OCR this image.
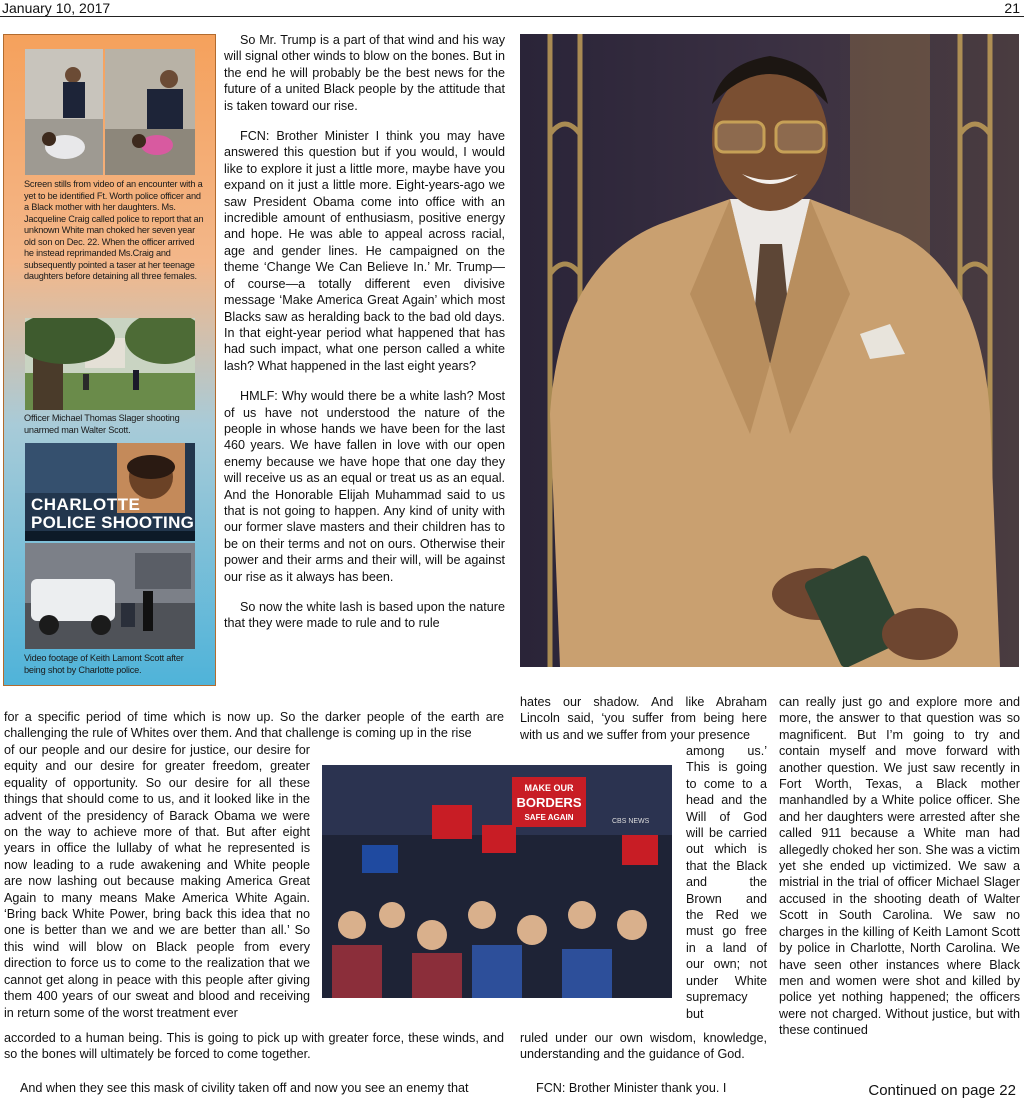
January 10, 2017	21
Screen stills from video of an encounter with a yet to be identified Ft. Worth police officer and a Black mother with her daughters. Ms. Jacqueline Craig called police to report that an unknown White man choked her seven year old son on Dec. 22. When the officer arrived he instead reprimanded Ms.Craig and subsequently pointed a taser at her teenage daughters before detaining all three females.
Officer Michael Thomas Slager shooting unarmed man Walter Scott.
CHARLOTTE
POLICE SHOOTING
Video footage of Keith Lamont Scott after being shot by Charlotte police.

So Mr. Trump is a part of that wind and his way will signal other winds to blow on the bones. But in the end he will probably be the best news for the future of a united Black people by the attitude that is taken toward our rise.

FCN: Brother Minister I think you may have answered this question but if you would, I would like to explore it just a little more, maybe have you expand on it just a little more. Eight-years-ago we saw President Obama come into office with an incredible amount of enthusiasm, positive energy and hope. He was able to appeal across racial, age and gender lines. He campaigned on the theme ‘Change We Can Believe In.’ Mr. Trump—of course—a totally different even divisive message ‘Make America Great Again’ which most Blacks saw as heralding back to the bad old days. In that eight-year period what happened that has had such impact, what one person called a white lash? What happened in the last eight years?

HMLF: Why would there be a white lash? Most of us have not understood the nature of the people in whose hands we have been for the last 460 years. We have fallen in love with our open enemy because we have hope that one day they will receive us as an equal or treat us as an equal. And the Honorable Elijah Muhammad said to us that is not going to happen. Any kind of unity with our former slave masters and their children has to be on their terms and not on ours. Otherwise their power and their arms and their will, will be against our rise as it always has been.

So now the white lash is based upon the nature that they were made to rule and to rule

for a specific period of time which is now up. So the darker people of the earth are challenging the rule of Whites over them. And that challenge is coming up in the rise

of our people and our desire for justice, our desire for equity and our desire for greater freedom, greater equality of opportunity. So our desire for all these things that should come to us, and it looked like in the advent of the presidency of Barack Obama we were on the way to achieve more of that. But after eight years in office the lullaby of what he represented is now leading to a rude awakening and White people are now lashing out because making America Great Again to many means Make America White Again. ‘Bring back White Power, bring back this idea that no one is better than we and we are better than all.’ So this wind will blow on Black people from every direction to force us to come to the realization that we cannot get along in peace with this people after giving them 400 years of our sweat and blood and receiving in return some of the worst treatment ever

accorded to a human being. This is going to pick up with greater force, these winds, and so the bones will ultimately be forced to come together.

And when they see this mask of civility taken off and now you see an enemy that

MAKE OUR
BORDERS
SAFE AGAIN	CBS NEWS

hates our shadow. And like Abraham Lincoln said, ‘you suffer from being here with us and we suffer from your presence

among us.’ This is going to come to a head and the Will of God will be carried out which is that the Black and the Brown and the Red we must go free in a land of our own; not under White supremacy but

ruled under our own wisdom, knowledge, understanding and the guidance of God.

FCN: Brother Minister thank you. I

can really just go and explore more and more, the answer to that question was so magnificent. But I’m going to try and contain myself and move forward with another question. We just saw recently in Fort Worth, Texas, a Black mother manhandled by a White police officer. She and her daughters were arrested after she called 911 because a White man had allegedly choked her son. She was a victim yet she ended up victimized. We saw a mistrial in the trial of officer Michael Slager accused in the shooting death of Walter Scott in South Carolina. We saw no charges in the killing of Keith Lamont Scott by police in Charlotte, North Carolina. We have seen other instances where Black men and women were shot and killed by police yet nothing happened; the officers were not charged. Without justice, but with these continued

Continued on page 22
